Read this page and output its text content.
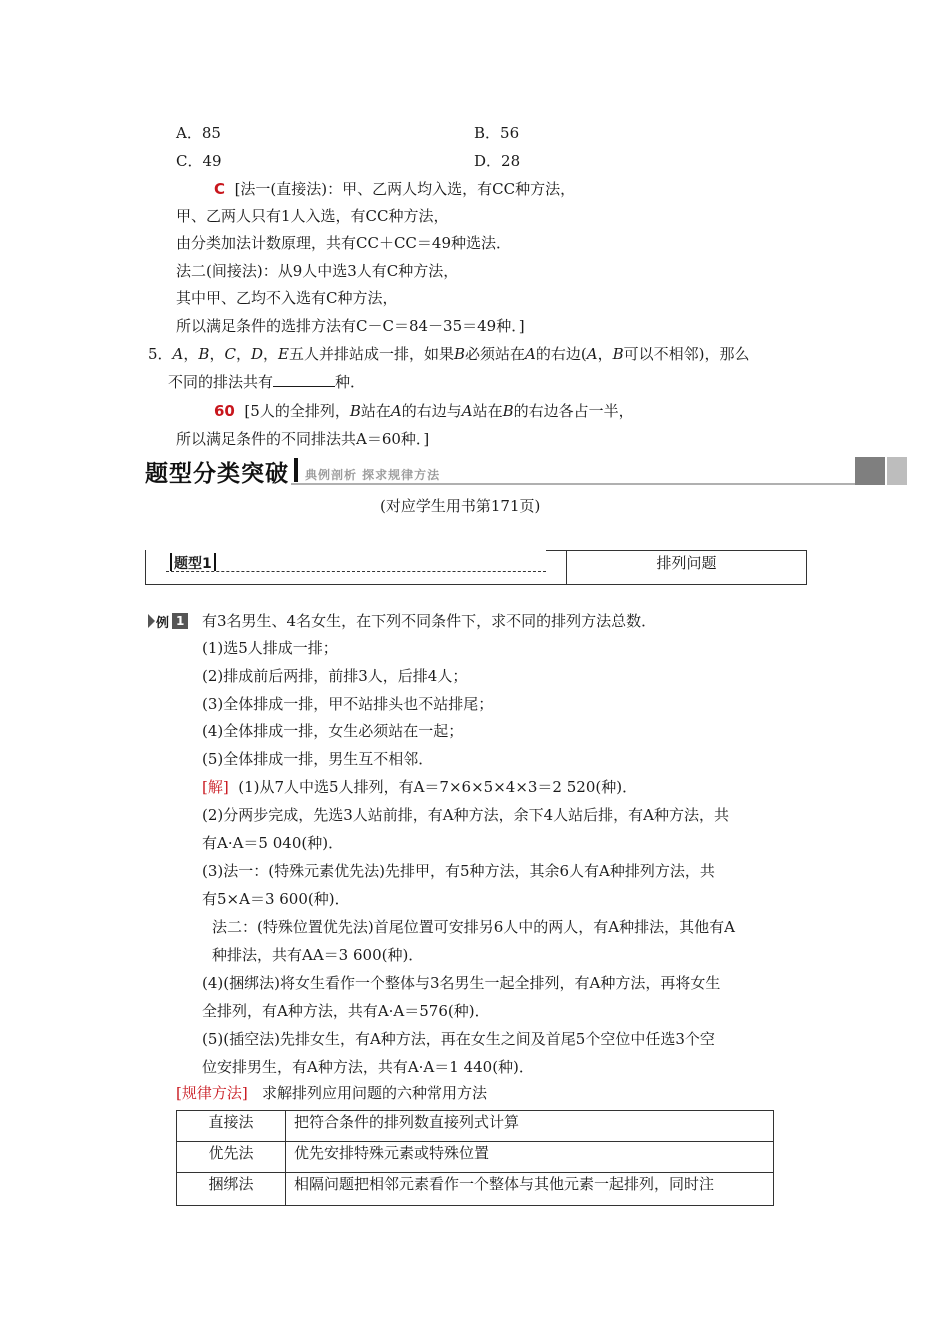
A．85	B．56
C．49	D．28
C [法一(直接法)：甲、乙两人均入选，有CC种方法，
甲、乙两人只有1人入选，有CC种方法，
由分类加法计数原理，共有CC＋CC＝49种选法．
法二(间接法)：从9人中选3人有C种方法，
其中甲、乙均不入选有C种方法，
所以满足条件的选排方法有C－C＝84－35＝49种．]
5．A，B，C，D，E五人并排站成一排，如果B必须站在A的右边(A，B可以不相邻)，那么
不同的排法共有	种．
60 [5人的全排列，B站在A的右边与A站在B的右边各占一半，
所以满足条件的不同排法共A＝60种．]
题型分类突破 典例剖析 探求规律方法
(对应学生用书第171页)
题型1	排列问题
例 1 有3名男生、4名女生，在下列不同条件下，求不同的排列方法总数．
(1)选5人排成一排；
(2)排成前后两排，前排3人，后排4人；
(3)全体排成一排，甲不站排头也不站排尾；
(4)全体排成一排，女生必须站在一起；
(5)全体排成一排，男生互不相邻．
[解] (1)从7人中选5人排列，有A＝7×6×5×4×3＝2 520(种)．
(2)分两步完成，先选3人站前排，有A种方法，余下4人站后排，有A种方法，共
有A·A＝5 040(种)．
(3)法一：(特殊元素优先法)先排甲，有5种方法，其余6人有A种排列方法，共
有5×A＝3 600(种)．
法二：(特殊位置优先法)首尾位置可安排另6人中的两人，有A种排法，其他有A
种排法，共有AA＝3 600(种)．
(4)(捆绑法)将女生看作一个整体与3名男生一起全排列，有A种方法，再将女生
全排列，有A种方法，共有A·A＝576(种)．
(5)(插空法)先排女生，有A种方法，再在女生之间及首尾5个空位中任选3个空
位安排男生，有A种方法，共有A·A＝1 440(种)．
[规律方法] 求解排列应用问题的六种常用方法
直接法	把符合条件的排列数直接列式计算
优先法	优先安排特殊元素或特殊位置
捆绑法	相隔问题把相邻元素看作一个整体与其他元素一起排列，同时注
